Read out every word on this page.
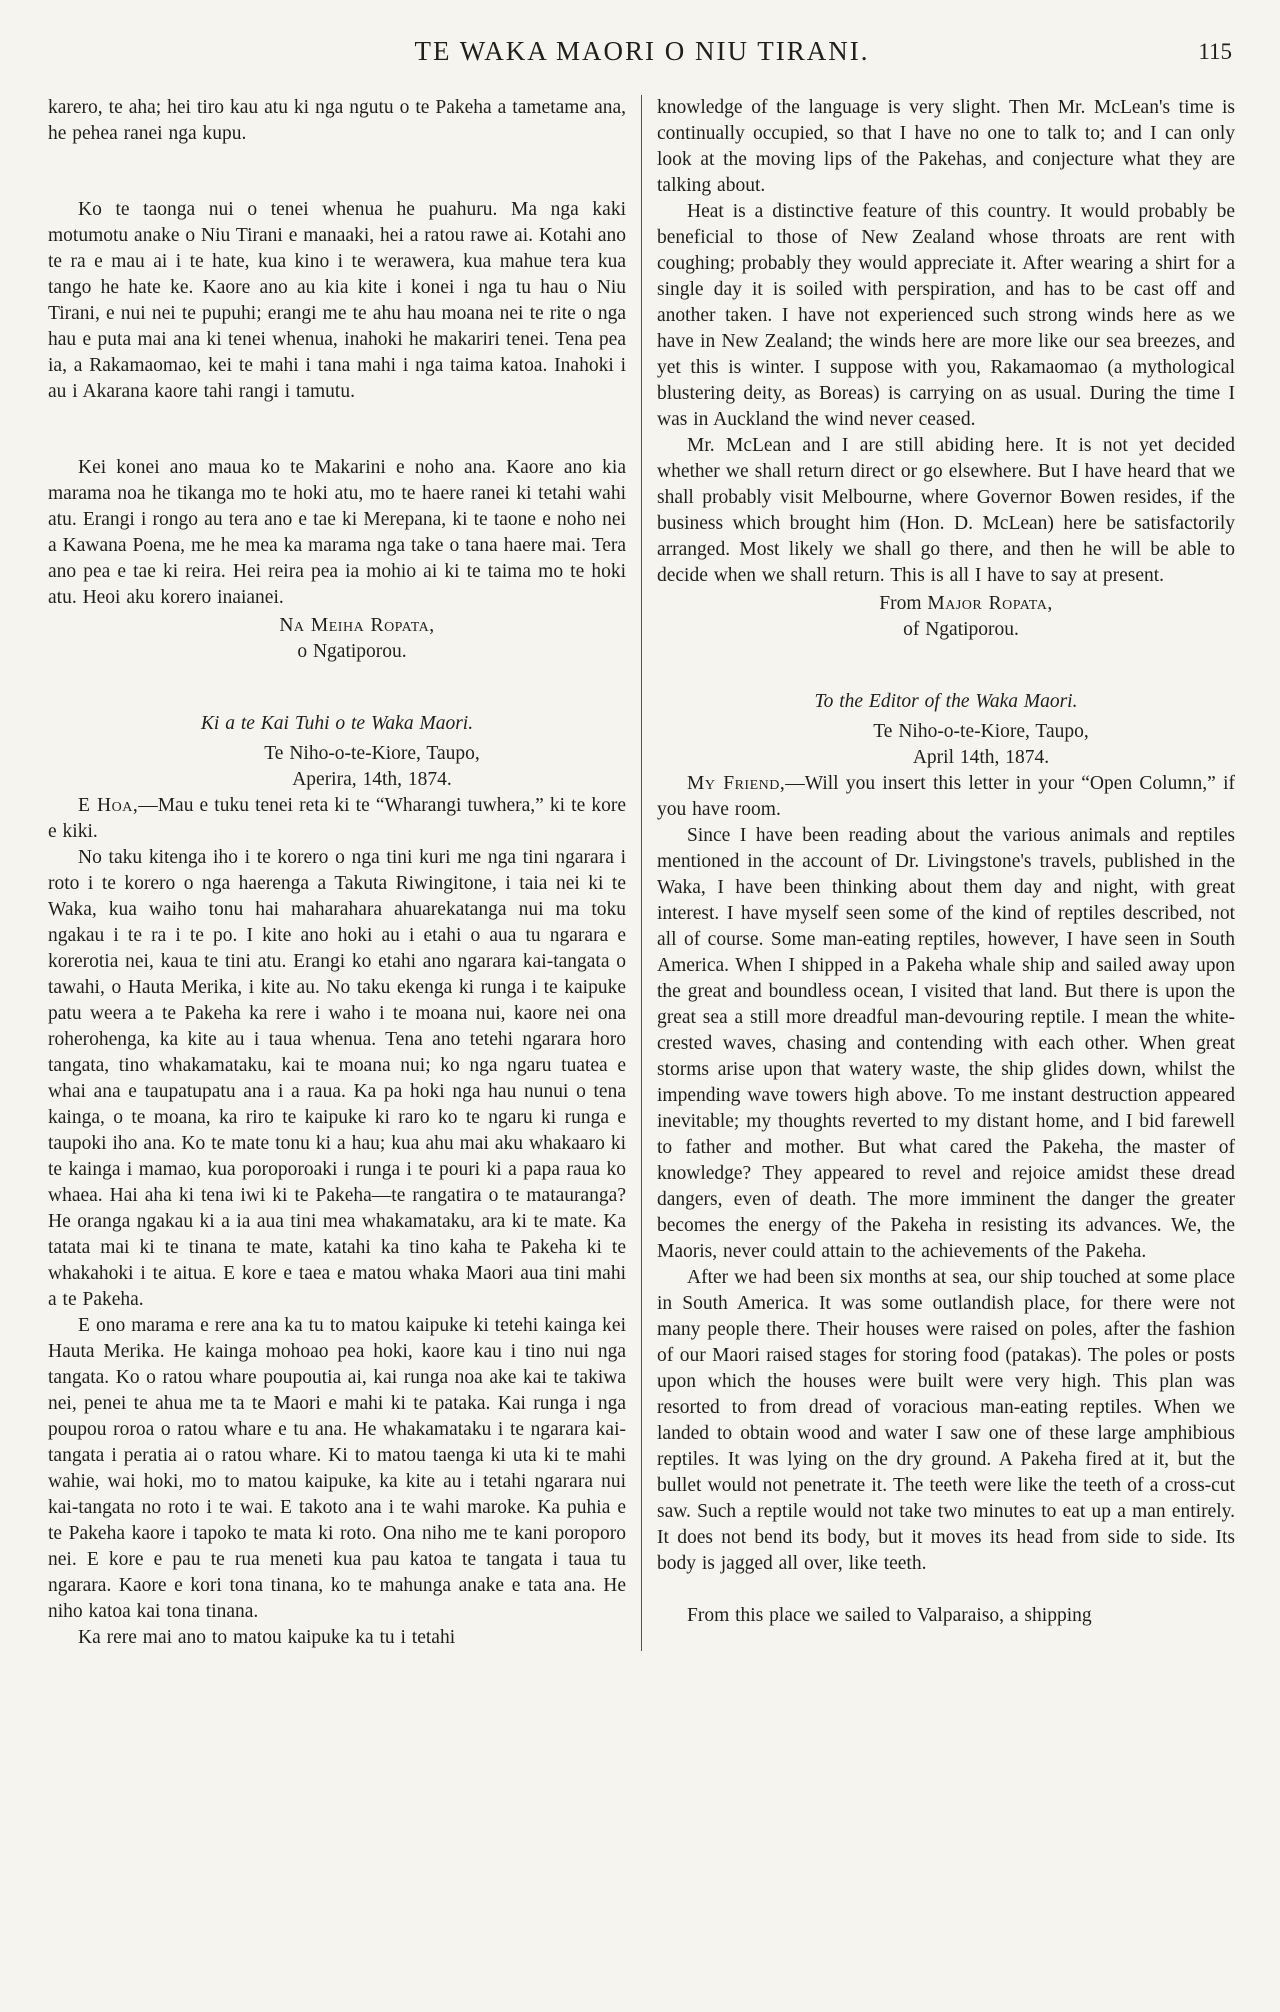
TE WAKA MAORI O NIU TIRANI.	115

karero, te aha; hei tiro kau atu ki nga ngutu o te Pakeha a tametame ana, he pehea ranei nga kupu.

Ko te taonga nui o tenei whenua he puahuru. Ma nga kaki motumotu anake o Niu Tirani e manaaki, hei a ratou rawe ai. Kotahi ano te ra e mau ai i te hate, kua kino i te werawera, kua mahue tera kua tango he hate ke. Kaore ano au kia kite i konei i nga tu hau o Niu Tirani, e nui nei te pupuhi; erangi me te ahu hau moana nei te rite o nga hau e puta mai ana ki tenei whenua, inahoki he makariri tenei. Tena pea ia, a Rakamaomao, kei te mahi i tana mahi i nga taima katoa. Inahoki i au i Akarana kaore tahi rangi i tamutu.

Kei konei ano maua ko te Makarini e noho ana. Kaore ano kia marama noa he tikanga mo te hoki atu, mo te haere ranei ki tetahi wahi atu. Erangi i rongo au tera ano e tae ki Merepana, ki te taone e noho nei a Kawana Poena, me he mea ka marama nga take o tana haere mai. Tera ano pea e tae ki reira. Hei reira pea ia mohio ai ki te taima mo te hoki atu. Heoi aku korero inaianei.

Na Meiha Ropata,
o Ngatiporou.
Ki a te Kai Tuhi o te Waka Maori.
Te Niho-o-te-Kiore, Taupo,
Aperira, 14th, 1874.

E Hoa,—Mau e tuku tenei reta ki te “Wharangi tuwhera,” ki te kore e kiki.

No taku kitenga iho i te korero o nga tini kuri me nga tini ngarara i roto i te korero o nga haerenga a Takuta Riwingitone, i taia nei ki te Waka, kua waiho tonu hai maharahara ahuarekatanga nui ma toku ngakau i te ra i te po. I kite ano hoki au i etahi o aua tu ngarara e korerotia nei, kaua te tini atu. Erangi ko etahi ano ngarara kai-tangata o tawahi, o Hauta Merika, i kite au. No taku ekenga ki runga i te kaipuke patu weera a te Pakeha ka rere i waho i te moana nui, kaore nei ona roherohenga, ka kite au i taua whenua. Tena ano tetehi ngarara horo tangata, tino whakamataku, kai te moana nui; ko nga ngaru tuatea e whai ana e taupatupatu ana i a raua. Ka pa hoki nga hau nunui o tena kainga, o te moana, ka riro te kaipuke ki raro ko te ngaru ki runga e taupoki iho ana. Ko te mate tonu ki a hau; kua ahu mai aku whakaaro ki te kainga i mamao, kua poroporoaki i runga i te pouri ki a papa raua ko whaea. Hai aha ki tena iwi ki te Pakeha—te rangatira o te matauranga? He oranga ngakau ki a ia aua tini mea whakamataku, ara ki te mate. Ka tatata mai ki te tinana te mate, katahi ka tino kaha te Pakeha ki te whakahoki i te aitua. E kore e taea e matou whaka Maori aua tini mahi a te Pakeha.

E ono marama e rere ana ka tu to matou kaipuke ki tetehi kainga kei Hauta Merika. He kainga mohoao pea hoki, kaore kau i tino nui nga tangata. Ko o ratou whare poupoutia ai, kai runga noa ake kai te takiwa nei, penei te ahua me ta te Maori e mahi ki te pataka. Kai runga i nga poupou roroa o ratou whare e tu ana. He whakamataku i te ngarara kai-tangata i peratia ai o ratou whare. Ki to matou taenga ki uta ki te mahi wahie, wai hoki, mo to matou kaipuke, ka kite au i tetahi ngarara nui kai-tangata no roto i te wai. E takoto ana i te wahi maroke. Ka puhia e te Pakeha kaore i tapoko te mata ki roto. Ona niho me te kani poroporo nei. E kore e pau te rua meneti kua pau katoa te tangata i taua tu ngarara. Kaore e kori tona tinana, ko te mahunga anake e tata ana. He niho katoa kai tona tinana.

Ka rere mai ano to matou kaipuke ka tu i tetahi

knowledge of the language is very slight. Then Mr. McLean's time is continually occupied, so that I have no one to talk to; and I can only look at the moving lips of the Pakehas, and conjecture what they are talking about.

Heat is a distinctive feature of this country. It would probably be beneficial to those of New Zealand whose throats are rent with coughing; probably they would appreciate it. After wearing a shirt for a single day it is soiled with perspiration, and has to be cast off and another taken. I have not experienced such strong winds here as we have in New Zealand; the winds here are more like our sea breezes, and yet this is winter. I suppose with you, Rakamaomao (a mythological blustering deity, as Boreas) is carrying on as usual. During the time I was in Auckland the wind never ceased.

Mr. McLean and I are still abiding here. It is not yet decided whether we shall return direct or go elsewhere. But I have heard that we shall probably visit Melbourne, where Governor Bowen resides, if the business which brought him (Hon. D. McLean) here be satisfactorily arranged. Most likely we shall go there, and then he will be able to decide when we shall return. This is all I have to say at present.

From Major Ropata,
of Ngatiporou.
To the Editor of the Waka Maori.
Te Niho-o-te-Kiore, Taupo,
April 14th, 1874.

My Friend,—Will you insert this letter in your “Open Column,” if you have room.

Since I have been reading about the various animals and reptiles mentioned in the account of Dr. Livingstone's travels, published in the Waka, I have been thinking about them day and night, with great interest. I have myself seen some of the kind of reptiles described, not all of course. Some man-eating reptiles, however, I have seen in South America. When I shipped in a Pakeha whale ship and sailed away upon the great and boundless ocean, I visited that land. But there is upon the great sea a still more dreadful man-devouring reptile. I mean the white-crested waves, chasing and contending with each other. When great storms arise upon that watery waste, the ship glides down, whilst the impending wave towers high above. To me instant destruction appeared inevitable; my thoughts reverted to my distant home, and I bid farewell to father and mother. But what cared the Pakeha, the master of knowledge? They appeared to revel and rejoice amidst these dread dangers, even of death. The more imminent the danger the greater becomes the energy of the Pakeha in resisting its advances. We, the Maoris, never could attain to the achievements of the Pakeha.

After we had been six months at sea, our ship touched at some place in South America. It was some outlandish place, for there were not many people there. Their houses were raised on poles, after the fashion of our Maori raised stages for storing food (patakas). The poles or posts upon which the houses were built were very high. This plan was resorted to from dread of voracious man-eating reptiles. When we landed to obtain wood and water I saw one of these large amphibious reptiles. It was lying on the dry ground. A Pakeha fired at it, but the bullet would not penetrate it. The teeth were like the teeth of a cross-cut saw. Such a reptile would not take two minutes to eat up a man entirely. It does not bend its body, but it moves its head from side to side. Its body is jagged all over, like teeth.

From this place we sailed to Valparaiso, a shipping
